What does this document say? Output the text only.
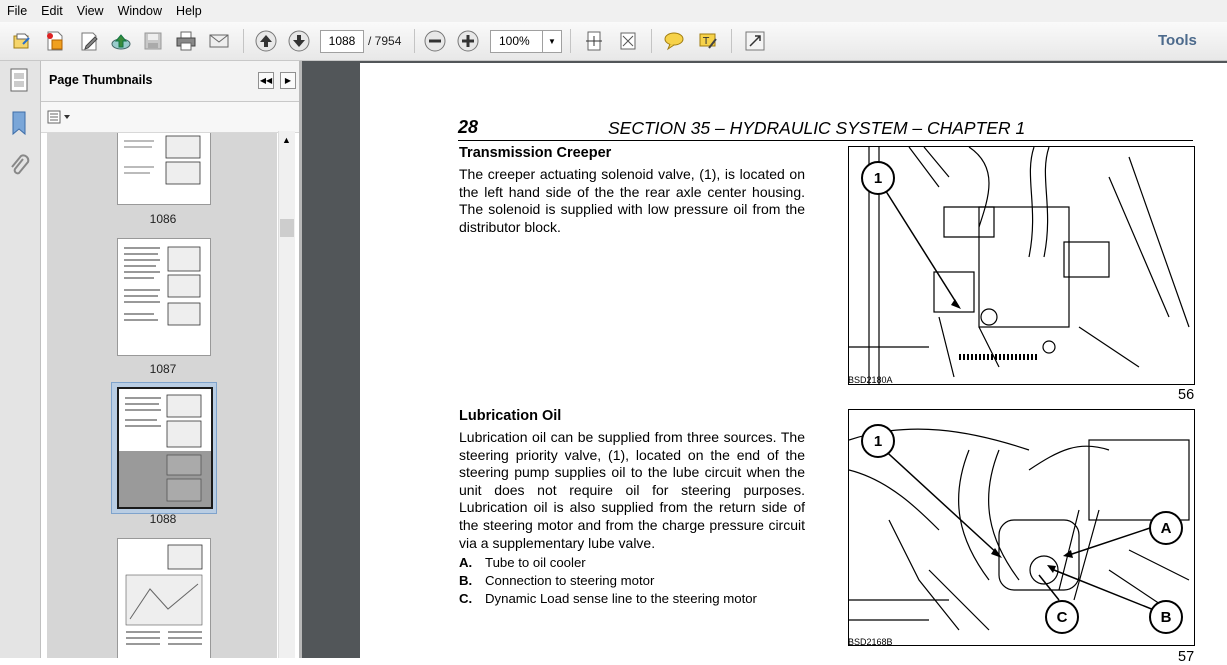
File	Edit	View	Window	Help
1088	/ 7954	100%	▼	T	Tools
Page Thumbnails	◀◀	▶
1086
1087
1088
▲
28	SECTION 35 – HYDRAULIC SYSTEM – CHAPTER 1
Transmission Creeper
The creeper actuating solenoid valve, (1), is located on the left hand side of the the rear axle center housing. The solenoid is supplied with low pressure oil from the distributor block.
1
BSD2180A
56
Lubrication Oil
Lubrication oil can be supplied from three sources. The steering priority valve, (1), located on the end of the steering pump supplies oil to the lube circuit when the unit does not require oil for steering purposes. Lubrication oil is also supplied from the return side of the steering motor and from the charge pressure circuit via a supplementary lube valve.
A. Tube to oil cooler
B. Connection to steering motor
C. Dynamic Load sense line to the steering motor
1
A
B
C
BSD2168B
57
